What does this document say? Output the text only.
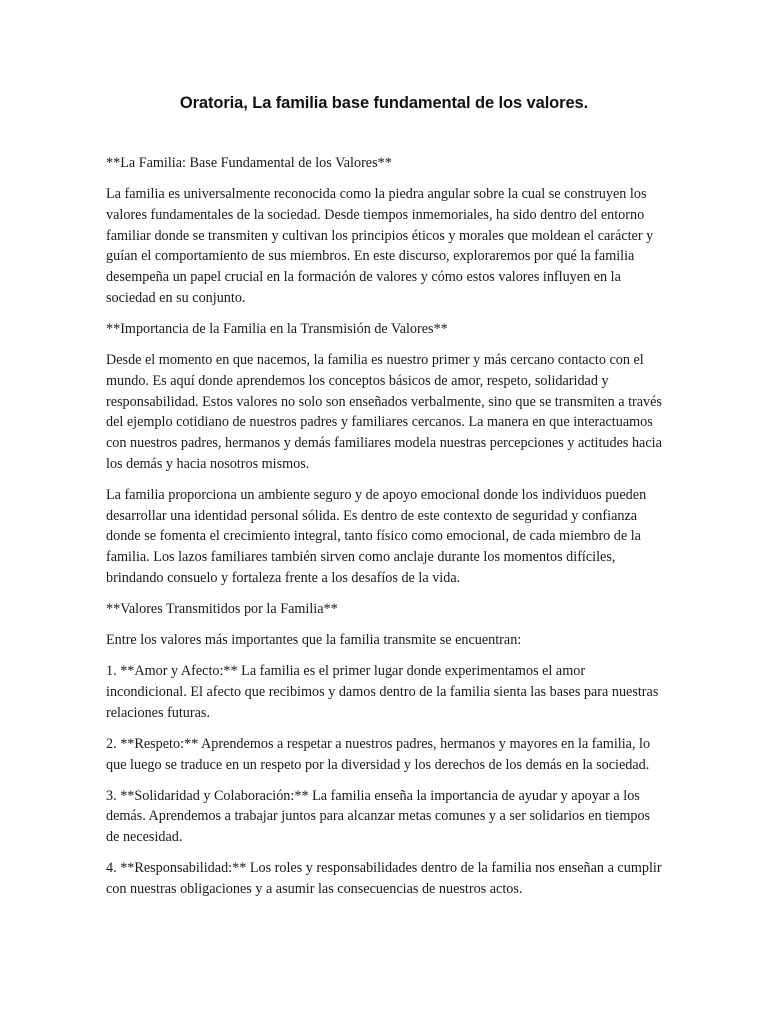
Oratoria, La familia base fundamental de los valores.

**La Familia: Base Fundamental de los Valores**

La familia es universalmente reconocida como la piedra angular sobre la cual se construyen los valores fundamentales de la sociedad. Desde tiempos inmemoriales, ha sido dentro del entorno familiar donde se transmiten y cultivan los principios éticos y morales que moldean el carácter y guían el comportamiento de sus miembros. En este discurso, exploraremos por qué la familia desempeña un papel crucial en la formación de valores y cómo estos valores influyen en la sociedad en su conjunto.

**Importancia de la Familia en la Transmisión de Valores**

Desde el momento en que nacemos, la familia es nuestro primer y más cercano contacto con el mundo. Es aquí donde aprendemos los conceptos básicos de amor, respeto, solidaridad y responsabilidad. Estos valores no solo son enseñados verbalmente, sino que se transmiten a través del ejemplo cotidiano de nuestros padres y familiares cercanos. La manera en que interactuamos con nuestros padres, hermanos y demás familiares modela nuestras percepciones y actitudes hacia los demás y hacia nosotros mismos.

La familia proporciona un ambiente seguro y de apoyo emocional donde los individuos pueden desarrollar una identidad personal sólida. Es dentro de este contexto de seguridad y confianza donde se fomenta el crecimiento integral, tanto físico como emocional, de cada miembro de la familia. Los lazos familiares también sirven como anclaje durante los momentos difíciles, brindando consuelo y fortaleza frente a los desafíos de la vida.

**Valores Transmitidos por la Familia**

Entre los valores más importantes que la familia transmite se encuentran:

1. **Amor y Afecto:** La familia es el primer lugar donde experimentamos el amor incondicional. El afecto que recibimos y damos dentro de la familia sienta las bases para nuestras relaciones futuras.

2. **Respeto:** Aprendemos a respetar a nuestros padres, hermanos y mayores en la familia, lo que luego se traduce en un respeto por la diversidad y los derechos de los demás en la sociedad.

3. **Solidaridad y Colaboración:** La familia enseña la importancia de ayudar y apoyar a los demás. Aprendemos a trabajar juntos para alcanzar metas comunes y a ser solidarios en tiempos de necesidad.

4. **Responsabilidad:** Los roles y responsabilidades dentro de la familia nos enseñan a cumplir con nuestras obligaciones y a asumir las consecuencias de nuestros actos.
